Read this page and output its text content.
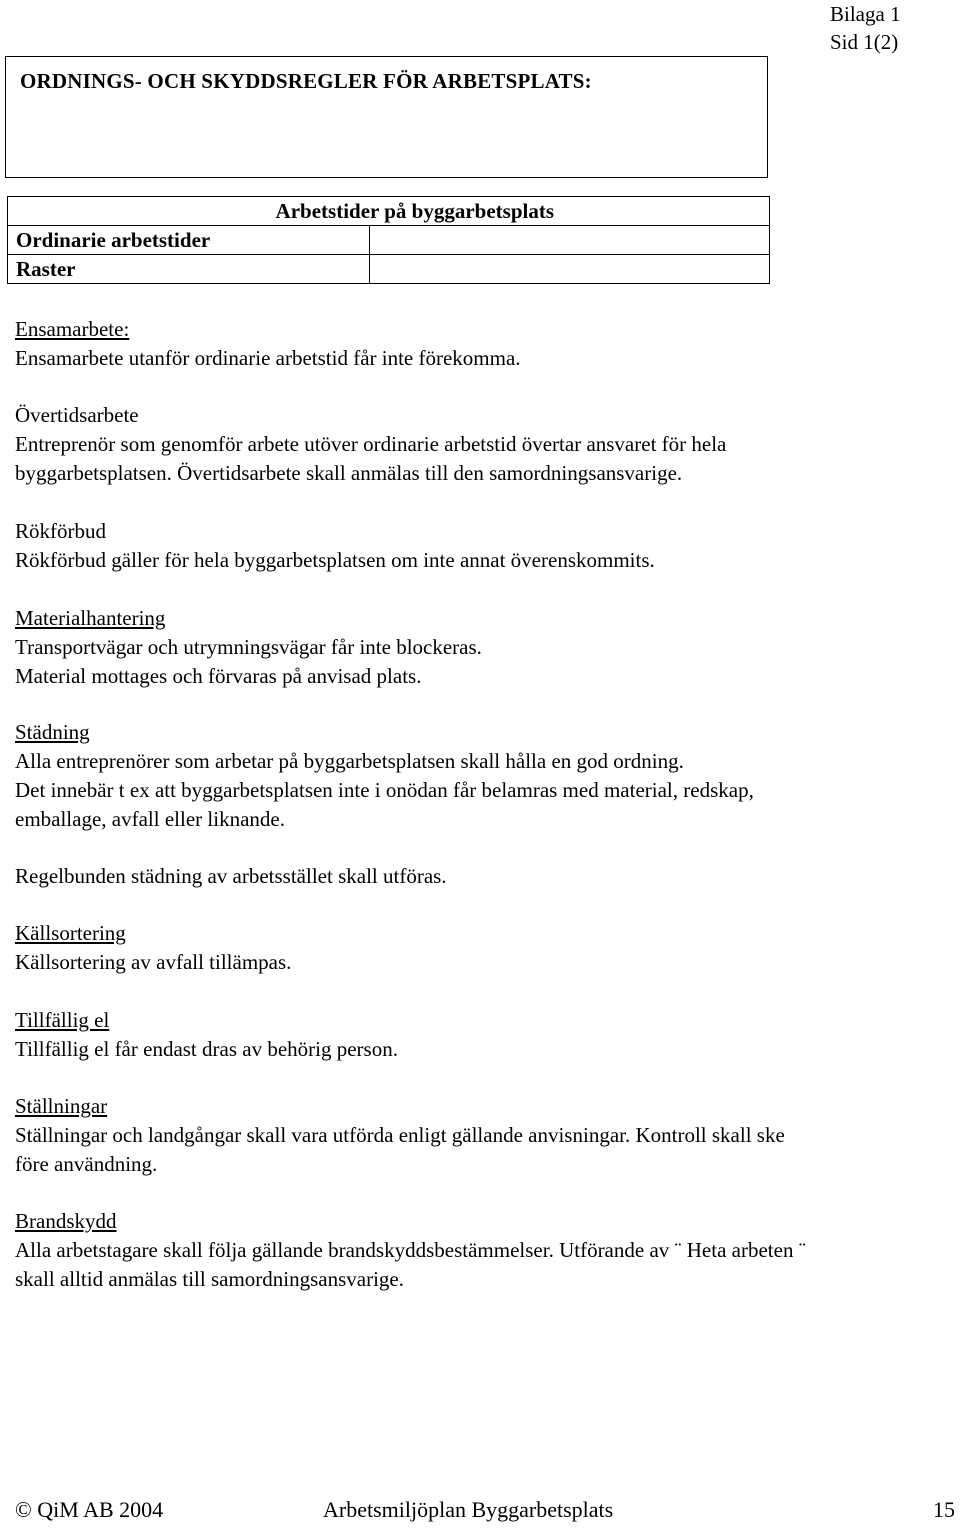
Bilaga 1
Sid 1(2)
ORDNINGS- OCH SKYDDSREGLER FÖR ARBETSPLATS:
Arbetstider på byggarbetsplats	
Ordinarie arbetstider	
Raster	
Ensamarbete:
Ensamarbete utanför ordinarie arbetstid får inte förekomma.
Övertidsarbete
Entreprenör som genomför arbete utöver ordinarie arbetstid övertar ansvaret för hela
byggarbetsplatsen. Övertidsarbete skall anmälas till den samordningsansvarige.
Rökförbud
Rökförbud gäller för hela byggarbetsplatsen om inte annat överenskommits.
Materialhantering
Transportvägar och utrymningsvägar får inte blockeras.
Material mottages och förvaras på anvisad plats.
Städning
Alla entreprenörer som arbetar på byggarbetsplatsen skall hålla en god ordning.
Det innebär t ex att byggarbetsplatsen inte i onödan får belamras med material, redskap,
emballage, avfall eller liknande.
Regelbunden städning av arbetsstället skall utföras.
Källsortering
Källsortering av avfall tillämpas.
Tillfällig el
Tillfällig el får endast dras av behörig person.
Ställningar
Ställningar och landgångar skall vara utförda enligt gällande anvisningar. Kontroll skall ske
före användning.
Brandskydd
Alla arbetstagare skall följa gällande brandskyddsbestämmelser. Utförande av ¨ Heta arbeten ¨
skall alltid anmälas till samordningsansvarige.
© QiM AB 2004	Arbetsmiljöplan Byggarbetsplats	15
